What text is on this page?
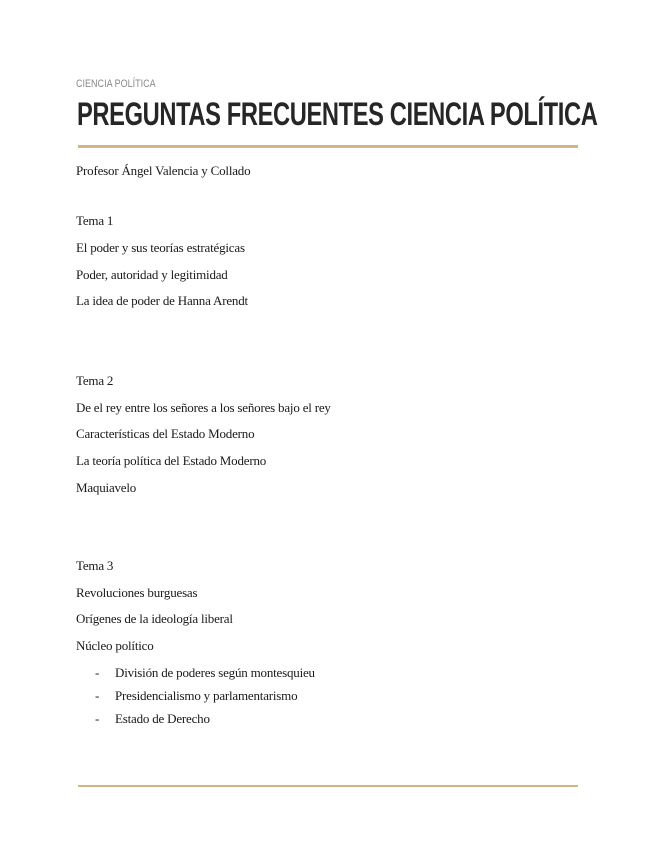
CIENCIA POLÍTICA
PREGUNTAS FRECUENTES CIENCIA POLÍTICA
Profesor Ángel Valencia y Collado
Tema 1
El poder y sus teorías estratégicas
Poder, autoridad y legitimidad
La idea de poder de Hanna Arendt
Tema 2
De el rey entre los señores a los señores bajo el rey
Características del Estado Moderno
La teoría política del Estado Moderno
Maquiavelo
Tema 3
Revoluciones burguesas
Orígenes de la ideología liberal
Núcleo político
- División de poderes según montesquieu
- Presidencialismo y parlamentarismo
- Estado de Derecho
